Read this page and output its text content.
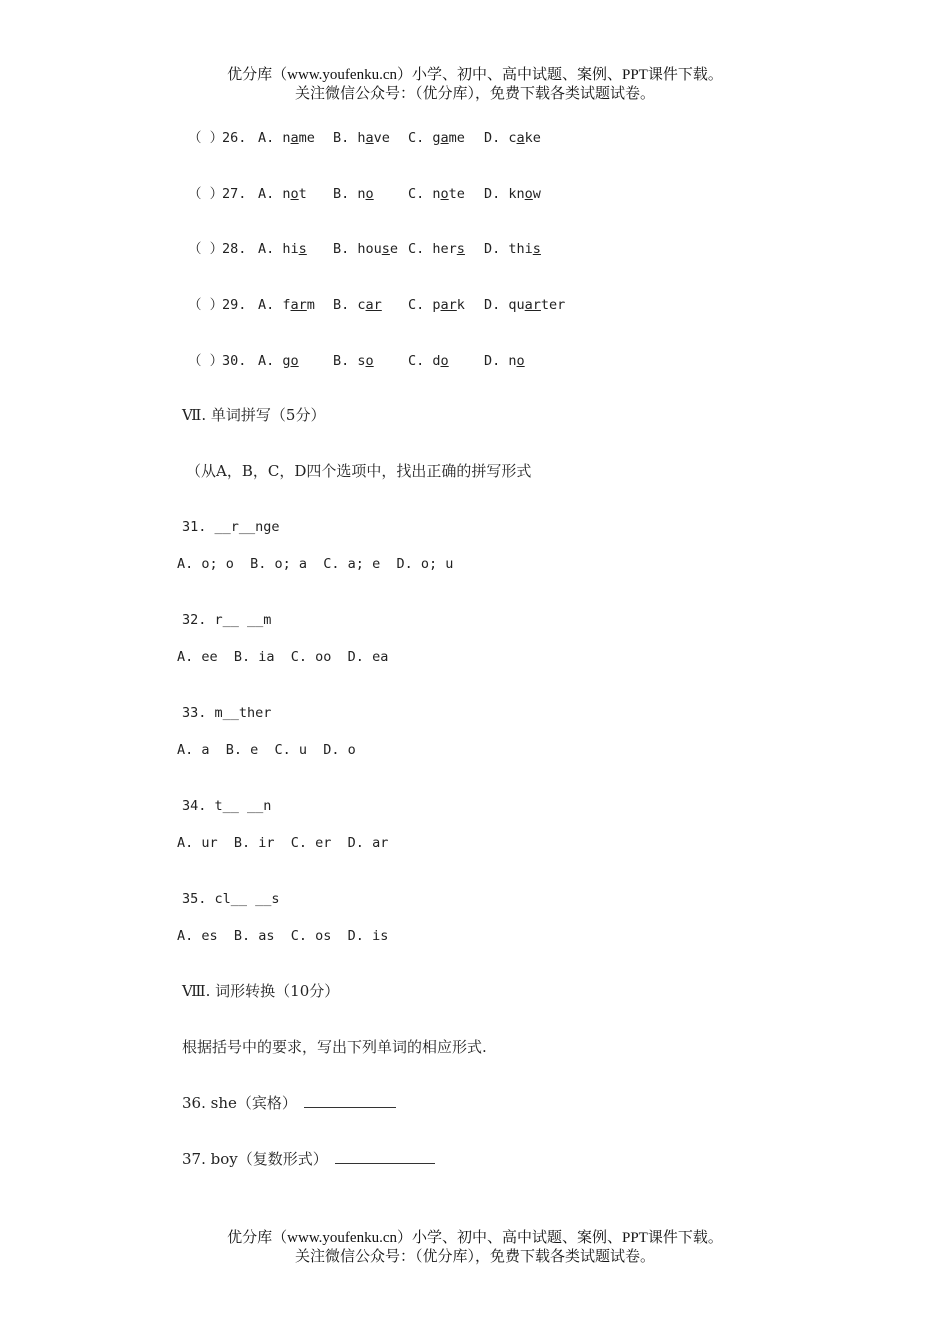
优分库（www.youfenku.cn）小学、初中、高中试题、案例、PPT课件下载。
关注微信公众号：（优分库），免费下载各类试题试卷。
（ ）
26. A. name B. have C. game D. cake
（ ）
27. A. not B. no	C. note D. know
（ ）
28. A. his B. house C. hers D. this
（ ）
29. A. farm B. car C. park D. quarter
（ ）
30. A. go	B. so	C. do	D. no
Ⅶ. 单词拼写（5分）
（从A，B，C，D四个选项中，找出正确的拼写形式
31. __r__nge
A. o; o  B. o; a  C. a; e  D. o; u
32. r__ __m
A. ee  B. ia  C. oo  D. ea
33. m__ther
A. a  B. e  C. u  D. o
34. t__ __n
A. ur  B. ir  C. er  D. ar
35. cl__ __s
A. es  B. as  C. os  D. is
Ⅷ. 词形转换（10分）
根据括号中的要求，写出下列单词的相应形式.
36. she（宾格）
37. boy（复数形式）
优分库（www.youfenku.cn）小学、初中、高中试题、案例、PPT课件下载。
关注微信公众号：（优分库），免费下载各类试题试卷。
